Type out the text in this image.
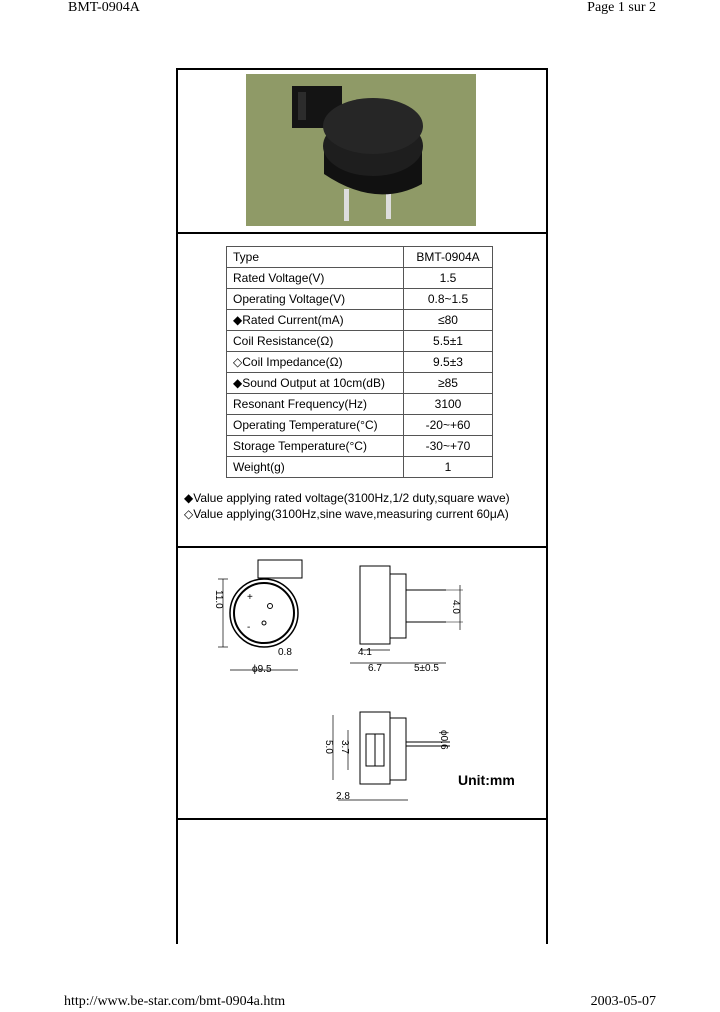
BMT-0904A	Page 1 sur 2
Type	BMT-0904A
Rated Voltage(V)	1.5
Operating Voltage(V)	0.8~1.5
◆Rated Current(mA)	≤80
Coil Resistance(Ω)	5.5±1
◇Coil Impedance(Ω)	9.5±3
◆Sound Output at 10cm(dB)	≥85
Resonant Frequency(Hz)	3100
Operating Temperature(°C)	-20~+60
Storage Temperature(°C)	-30~+70
Weight(g)	1
◆Value applying rated voltage(3100Hz,1/2 duty,square wave)
◇Value applying(3100Hz,sine wave,measuring current 60μA)
+
-
11.0
0.8
ϕ9.5
4.0
4.1
6.7	5±0.5
5.0 3.7	ϕ0.6
2.8
Unit:mm
http://www.be-star.com/bmt-0904a.htm	2003-05-07
